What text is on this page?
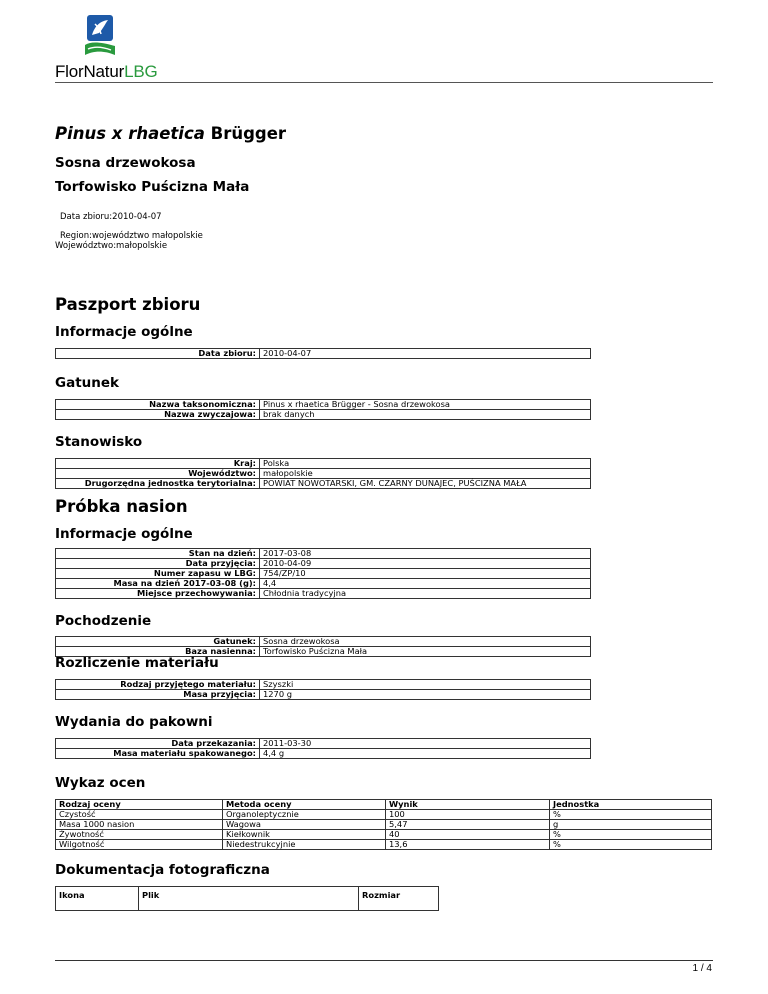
FlorNaturLBG
Pinus x rhaetica Brügger
Sosna drzewokosa
Torfowisko Puścizna Mała
Data zbioru:2010-04-07
Region:województwo małopolskie
Województwo:małopolskie
Paszport zbioru
Informacje ogólne
Data zbioru:	2010-04-07
Gatunek
Nazwa taksonomiczna:	Pinus x rhaetica Brügger - Sosna drzewokosa
Nazwa zwyczajowa:	brak danych
Stanowisko
Kraj:	Polska
Województwo:	małopolskie
Drugorzędna jednostka terytorialna:	POWIAT NOWOTARSKI, GM. CZARNY DUNAJEC, PUŚCIZNA MAŁA
Próbka nasion
Informacje ogólne
Stan na dzień:	2017-03-08
Data przyjęcia:	2010-04-09
Numer zapasu w LBG:	754/ZP/10
Masa na dzień 2017-03-08 (g):	4,4
Miejsce przechowywania:	Chłodnia tradycyjna
Pochodzenie
Gatunek:	Sosna drzewokosa
Baza nasienna:	Torfowisko Puścizna Mała
Rozliczenie materiału
Rodzaj przyjętego materiału:	Szyszki
Masa przyjęcia:	1270 g
Wydania do pakowni
Data przekazania:	2011-03-30
Masa materiału spakowanego:	4,4 g
Wykaz ocen
Rodzaj oceny	Metoda oceny	Wynik	Jednostka
Czystość	Organoleptycznie	100	%
Masa 1000 nasion	Wagowa	5,47	g
Żywotność	Kiełkownik	40	%
Wilgotność	Niedestrukcyjnie	13,6	%
Dokumentacja fotograficzna
Ikona	Plik	Rozmiar
1 / 4
